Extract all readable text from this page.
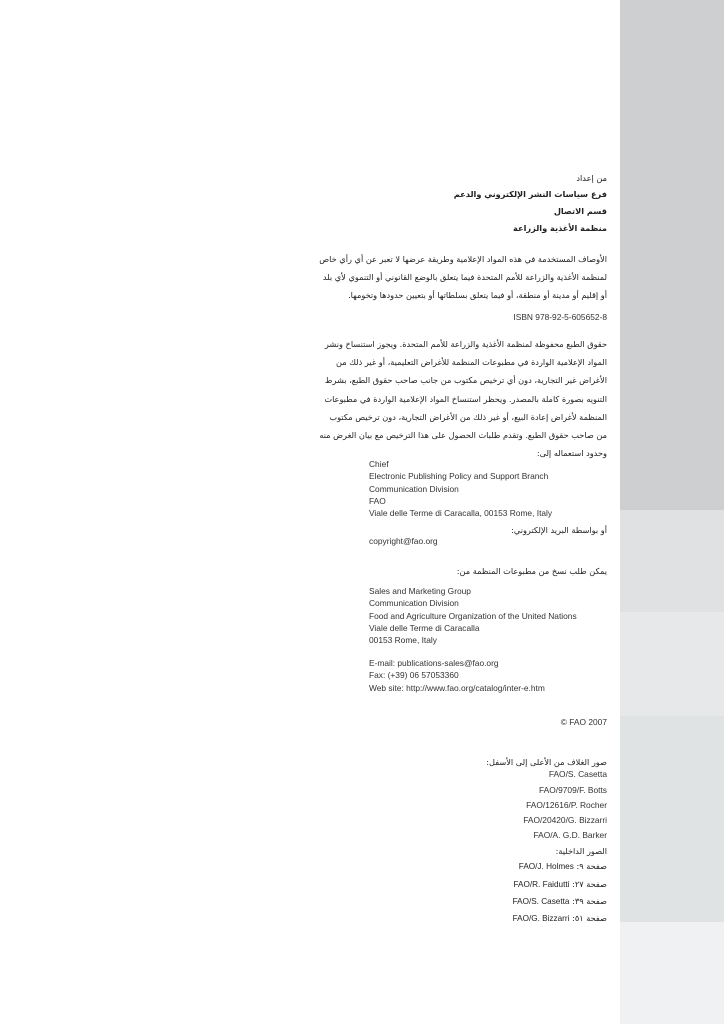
من إعداد
فرع سياسات النشر الإلكتروني والدعم
قسم الاتصال
منظمة الأغذية والزراعة
الأوصاف المستخدمة في هذه المواد الإعلامية وطريقة عرضها لا تعبر عن أي رأي خاص
لمنظمة الأغذية والزراعة للأمم المتحدة فيما يتعلق بالوضع القانوني أو التنموي لأي بلد
أو إقليم أو مدينة أو منطقة، أو فيما يتعلق بسلطاتها أو بتعيين حدودها وتخومها.
ISBN 978-92-5-605652-8
حقوق الطبع محفوظة لمنظمة الأغذية والزراعة للأمم المتحدة. ويجوز استنساخ ونشر
المواد الإعلامية الواردة في مطبوعات المنظمة للأغراض التعليمية، أو غير ذلك من
الأغراض غير التجارية، دون أي ترخيص مكتوب من جانب صاحب حقوق الطبع، بشرط
التنويه بصورة كاملة بالمصدر. ويحظر استنساخ المواد الإعلامية الواردة في مطبوعات
المنظمة لأغراض إعادة البيع، أو غير ذلك من الأغراض التجارية، دون ترخيص مكتوب
من صاحب حقوق الطبع. وتقدم طلبات الحصول على هذا الترخيص مع بيان الغرض منه
وحدود استعماله إلى:
Chief
Electronic Publishing Policy and Support Branch
Communication Division
FAO
Viale delle Terme di Caracalla, 00153 Rome, Italy
أو بواسطة البريد الإلكتروني:
copyright@fao.org
يمكن طلب نسخ من مطبوعات المنظمة من:
Sales and Marketing Group
Communication Division
Food and Agriculture Organization of the United Nations
Viale delle Terme di Caracalla
00153 Rome, Italy
E-mail: publications-sales@fao.org
Fax: (+39) 06 57053360
Web site: http://www.fao.org/catalog/inter-e.htm
© FAO 2007
صور الغلاف من الأعلى إلى الأسفل:
FAO/S. Casetta
FAO/9709/F. Botts
FAO/12616/P. Rocher
FAO/20420/G. Bizzarri
FAO/A. G.D. Barker
الصور الداخلية:
صفحة ٩: FAO/J. Holmes
صفحة ٢٧: FAO/R. Faidutti
صفحة ٣٩: FAO/S. Casetta
صفحة ٥١: FAO/G. Bizzarri
